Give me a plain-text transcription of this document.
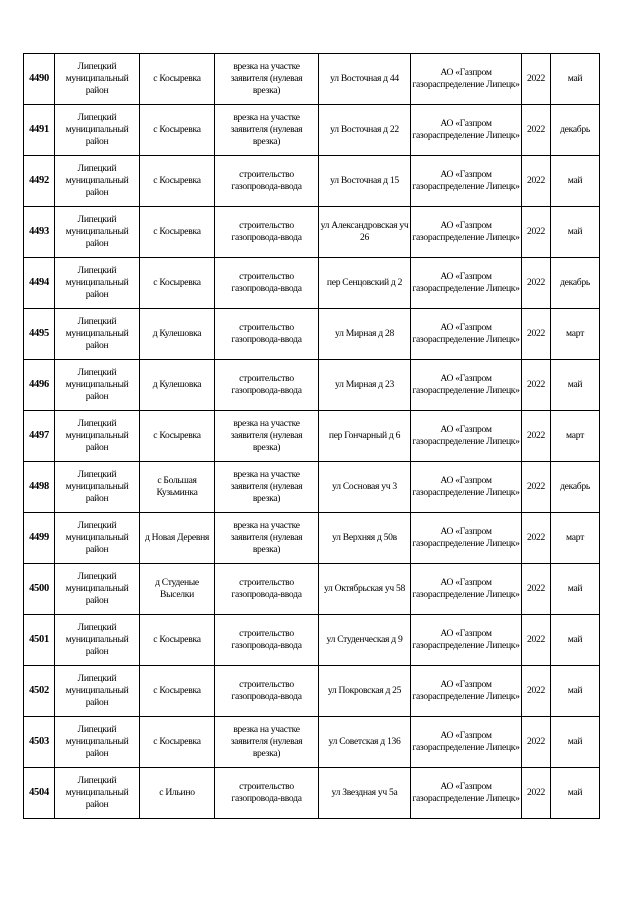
4490	Липецкий муниципальный район	с Косыревка	врезка на участке заявителя (нулевая врезка)	ул Восточная д 44	АО «Газпром газораспределение Липецк»	2022	май
4491	Липецкий муниципальный район	с Косыревка	врезка на участке заявителя (нулевая врезка)	ул Восточная д 22	АО «Газпром газораспределение Липецк»	2022	декабрь
4492	Липецкий муниципальный район	с Косыревка	строительство газопровода-ввода	ул Восточная д 15	АО «Газпром газораспределение Липецк»	2022	май
4493	Липецкий муниципальный район	с Косыревка	строительство газопровода-ввода	ул Александровская уч 26	АО «Газпром газораспределение Липецк»	2022	май
4494	Липецкий муниципальный район	с Косыревка	строительство газопровода-ввода	пер Сенцовский д 2	АО «Газпром газораспределение Липецк»	2022	декабрь
4495	Липецкий муниципальный район	д Кулешовка	строительство газопровода-ввода	ул Мирная д 28	АО «Газпром газораспределение Липецк»	2022	март
4496	Липецкий муниципальный район	д Кулешовка	строительство газопровода-ввода	ул Мирная д 23	АО «Газпром газораспределение Липецк»	2022	май
4497	Липецкий муниципальный район	с Косыревка	врезка на участке заявителя (нулевая врезка)	пер Гончарный д 6	АО «Газпром газораспределение Липецк»	2022	март
4498	Липецкий муниципальный район	с Большая Кузьминка	врезка на участке заявителя (нулевая врезка)	ул Сосновая уч 3	АО «Газпром газораспределение Липецк»	2022	декабрь
4499	Липецкий муниципальный район	д Новая Деревня	врезка на участке заявителя (нулевая врезка)	ул Верхняя д 50в	АО «Газпром газораспределение Липецк»	2022	март
4500	Липецкий муниципальный район	д Студеные Выселки	строительство газопровода-ввода	ул Октябрьская уч 58	АО «Газпром газораспределение Липецк»	2022	май
4501	Липецкий муниципальный район	с Косыревка	строительство газопровода-ввода	ул Студенческая д 9	АО «Газпром газораспределение Липецк»	2022	май
4502	Липецкий муниципальный район	с Косыревка	строительство газопровода-ввода	ул Покровская д 25	АО «Газпром газораспределение Липецк»	2022	май
4503	Липецкий муниципальный район	с Косыревка	врезка на участке заявителя (нулевая врезка)	ул Советская д 136	АО «Газпром газораспределение Липецк»	2022	май
4504	Липецкий муниципальный район	с Ильино	строительство газопровода-ввода	ул Звездная уч 5а	АО «Газпром газораспределение Липецк»	2022	май
